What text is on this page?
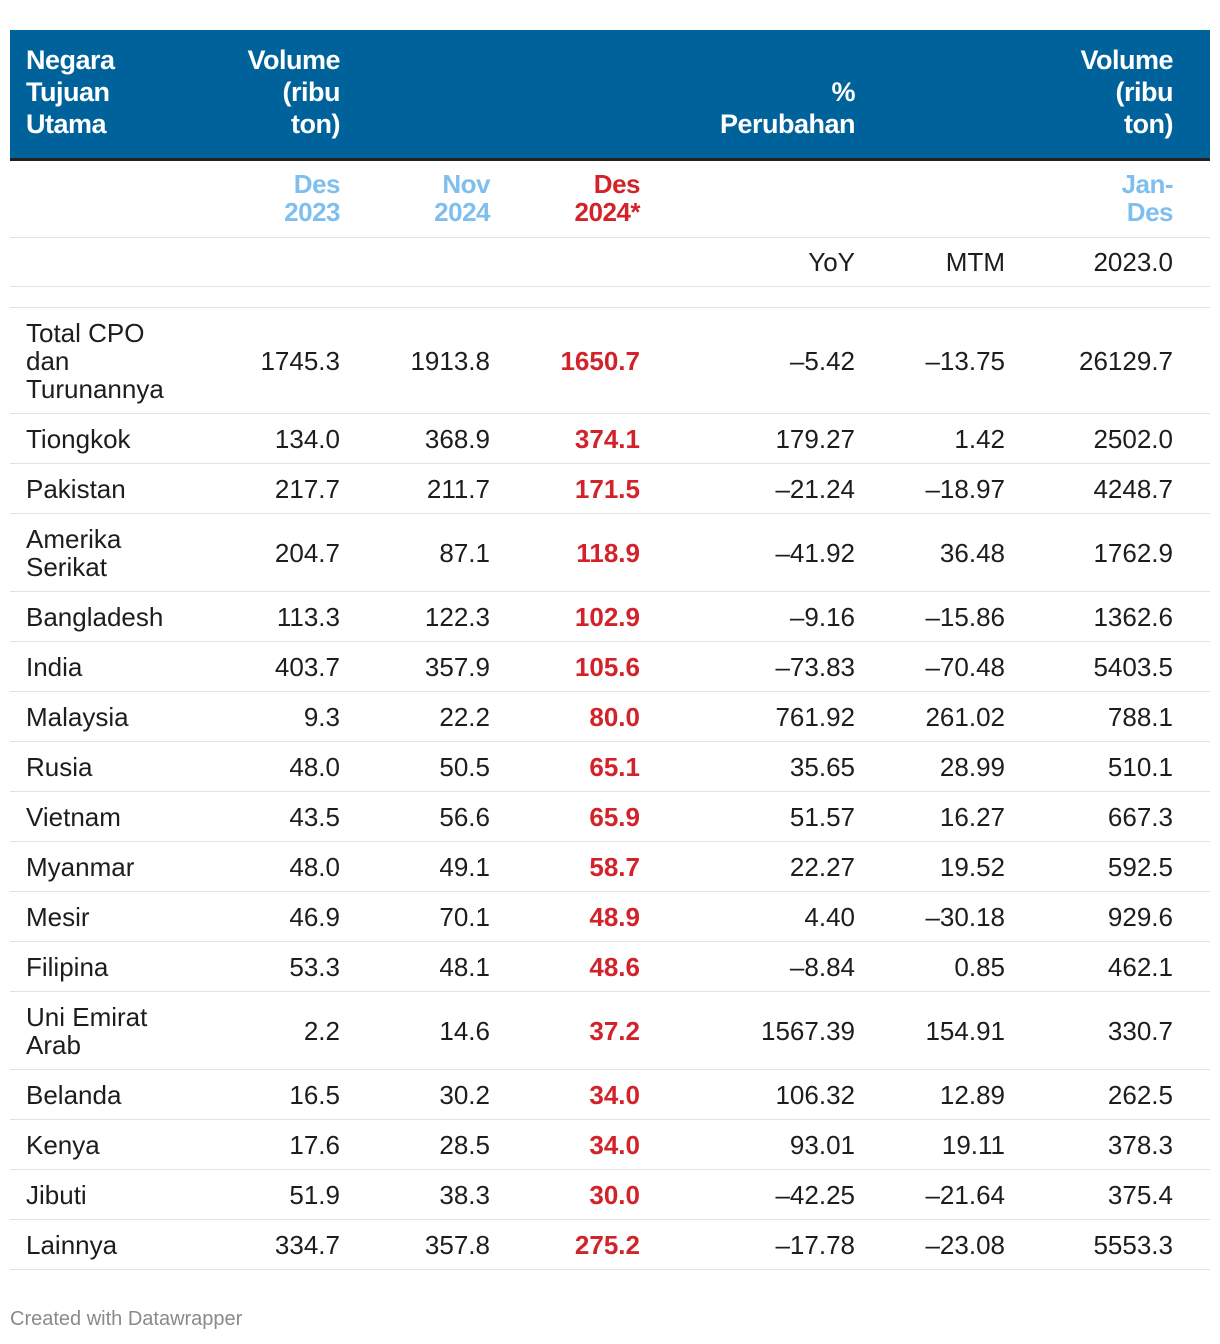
Negara Tujuan Utama	Volume (ribu ton)			% Perubahan		Volume (ribu ton)

	Des 2023	Nov 2024	Des 2024*			Jan-Des

				YoY	MTM	2023.0

Total CPO dan Turunannya	1745.3	1913.8	1650.7	–5.42	–13.75	26129.7
Tiongkok	134.0	368.9	374.1	179.27	1.42	2502.0
Pakistan	217.7	211.7	171.5	–21.24	–18.97	4248.7
Amerika Serikat	204.7	87.1	118.9	–41.92	36.48	1762.9
Bangladesh	113.3	122.3	102.9	–9.16	–15.86	1362.6
India	403.7	357.9	105.6	–73.83	–70.48	5403.5
Malaysia	9.3	22.2	80.0	761.92	261.02	788.1
Rusia	48.0	50.5	65.1	35.65	28.99	510.1
Vietnam	43.5	56.6	65.9	51.57	16.27	667.3
Myanmar	48.0	49.1	58.7	22.27	19.52	592.5
Mesir	46.9	70.1	48.9	4.40	–30.18	929.6
Filipina	53.3	48.1	48.6	–8.84	0.85	462.1
Uni Emirat Arab	2.2	14.6	37.2	1567.39	154.91	330.7
Belanda	16.5	30.2	34.0	106.32	12.89	262.5
Kenya	17.6	28.5	34.0	93.01	19.11	378.3
Jibuti	51.9	38.3	30.0	–42.25	–21.64	375.4
Lainnya	334.7	357.8	275.2	–17.78	–23.08	5553.3
Created with Datawrapper
